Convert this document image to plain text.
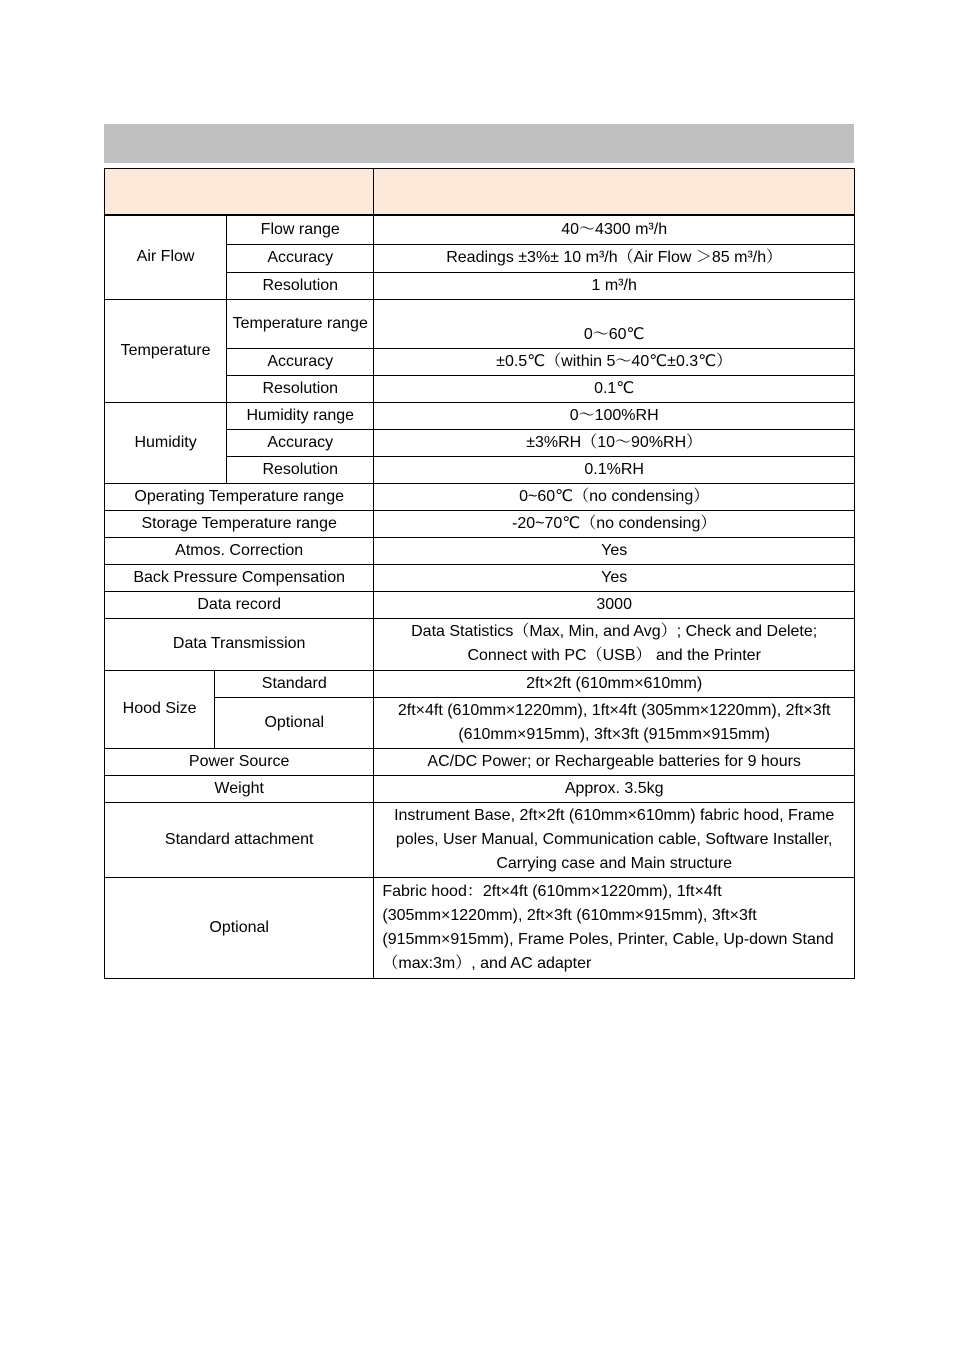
Air Flow		Flow range	40～4300 m³/h
		Accuracy	Readings ±3%± 10 m³/h（Air Flow ＞85 m³/h）
		Resolution	1 m³/h
Temperature		Temperature range	0～60℃
		Accuracy	±0.5℃（within 5～40℃±0.3℃）
		Resolution	0.1℃
Humidity		Humidity range	0～100%RH
		Accuracy	±3%RH（10～90%RH）
		Resolution	0.1%RH
Operating Temperature range			0~60℃（no condensing）
Storage Temperature range			-20~70℃（no condensing）
Atmos. Correction			Yes
Back Pressure Compensation			Yes
Data record			3000
Data Transmission			Data Statistics（Max, Min, and Avg）; Check and Delete; Connect with PC（USB） and the Printer
Hood Size	Standard		2ft×2ft (610mm×610mm)
	Optional		2ft×4ft (610mm×1220mm), 1ft×4ft (305mm×1220mm), 2ft×3ft (610mm×915mm), 3ft×3ft (915mm×915mm)
Power Source			AC/DC Power; or Rechargeable batteries for 9 hours
Weight			Approx. 3.5kg
Standard attachment			Instrument Base, 2ft×2ft (610mm×610mm) fabric hood, Frame poles, User Manual, Communication cable, Software Installer, Carrying case and Main structure
Optional			Fabric hood：2ft×4ft (610mm×1220mm), 1ft×4ft (305mm×1220mm), 2ft×3ft (610mm×915mm), 3ft×3ft (915mm×915mm), Frame Poles, Printer, Cable, Up-down Stand（max:3m）, and AC adapter
